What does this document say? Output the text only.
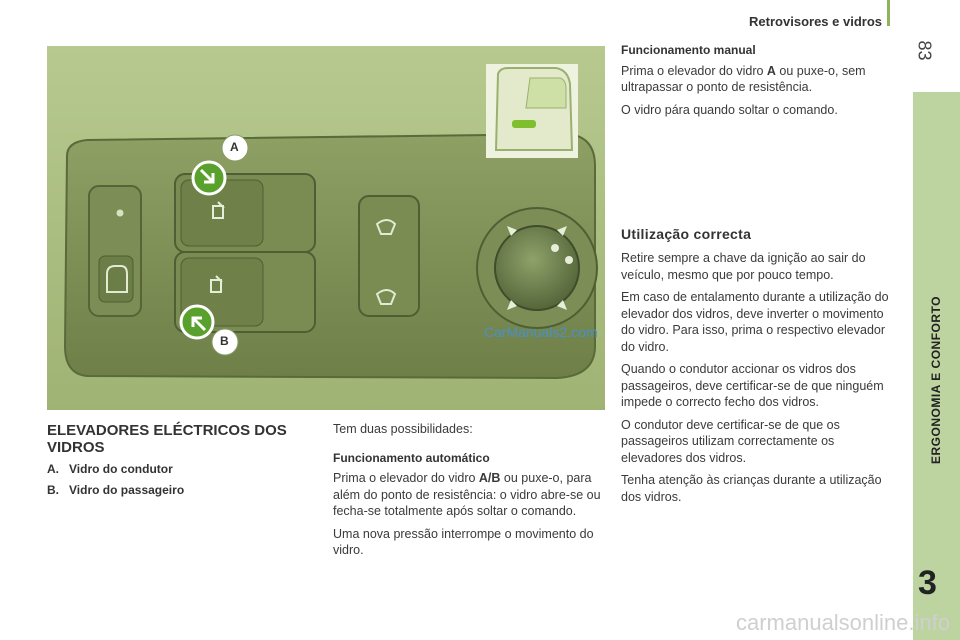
Retrovisores e vidros
83
ERGONOMIA E CONFORTO
3
A
B
CarManuals2.com
ELEVADORES ELÉCTRICOS DOS VIDROS
A. Vidro do condutor
B. Vidro do passageiro

Tem duas possibilidades:

Funcionamento automático

Prima o elevador do vidro A/B ou puxe-o, para além do ponto de resistência: o vidro abre-se ou fecha-se totalmente após soltar o comando.

Uma nova pressão interrompe o movimento do vidro.

Funcionamento manual

Prima o elevador do vidro A ou puxe-o, sem ultrapassar o ponto de resistência.

O vidro pára quando soltar o comando.

Utilização correcta

Retire sempre a chave da ignição ao sair do veículo, mesmo que por pouco tempo.

Em caso de entalamento durante a utilização do elevador dos vidros, deve inverter o movimento do vidro. Para isso, prima o respectivo elevador do vidro.

Quando o condutor accionar os vidros dos passageiros, deve certificar-se de que ninguém impede o correcto fecho dos vidros.

O condutor deve certificar-se de que os passageiros utilizam correctamente os elevadores dos vidros.

Tenha atenção às crianças durante a utilização dos vidros.

carmanualsonline.info
